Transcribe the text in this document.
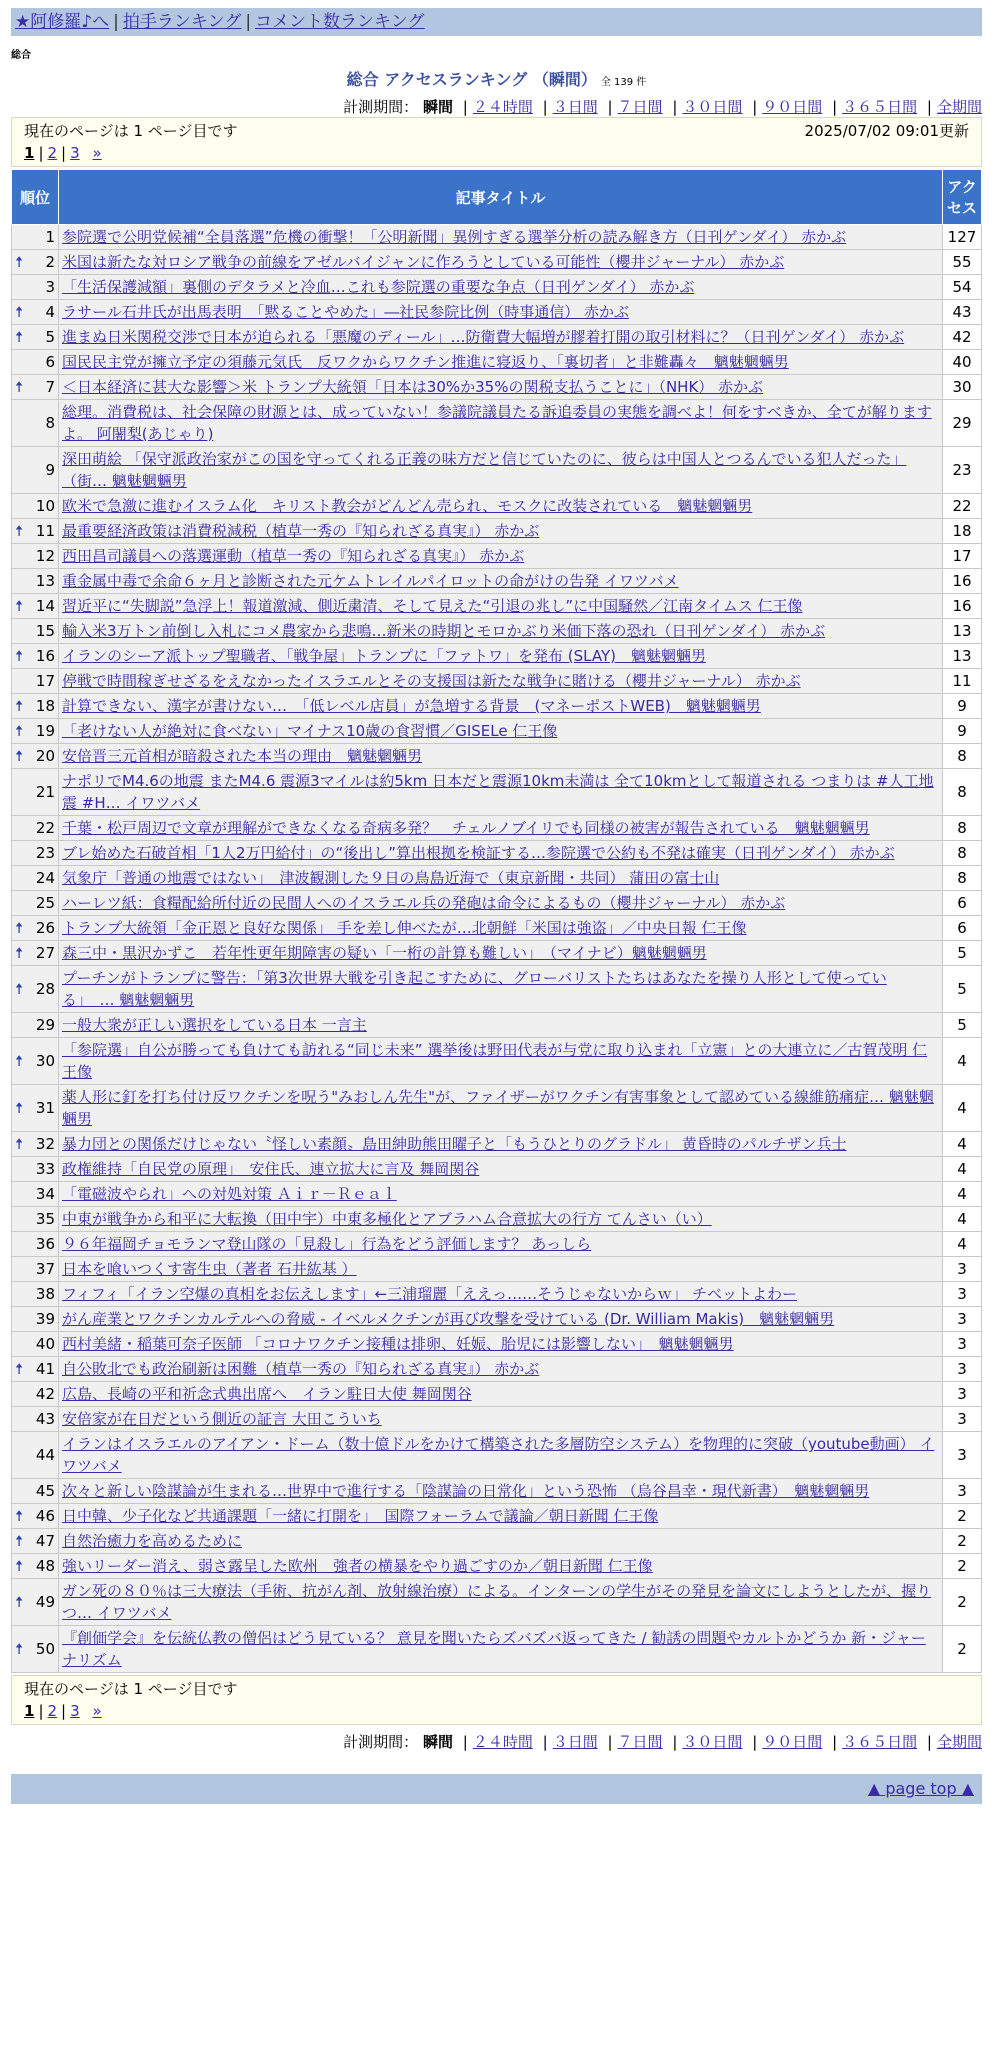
★阿修羅♪へ | 拍手ランキング | コメント数ランキング
総合
総合 アクセスランキング （瞬間） 全 139 件
計測期間： 瞬間 | ２４時間 | ３日間 | ７日間 | ３０日間 | ９０日間 | ３６５日間 | 全期間
現在のページは 1 ページ目です	2025/07/02 09:01更新
1 | 2 | 3 »
順位	記事タイトル	アクセス
1	参院選で公明党候補“全員落選”危機の衝撃！「公明新聞」異例すぎる選挙分析の読み解き方（日刊ゲンダイ） 赤かぶ	127

🠅 2	米国は新たな対ロシア戦争の前線をアゼルバイジャンに作ろうとしている可能性（櫻井ジャーナル） 赤かぶ	55
3	「生活保護減額」裏側のデタラメと冷血…これも参院選の重要な争点（日刊ゲンダイ） 赤かぶ	54

🠅 4	ラサール石井氏が出馬表明　「黙ることやめた」―社民参院比例（時事通信） 赤かぶ	43

🠅 5	進まぬ日米関税交渉で日本が迫られる「悪魔のディール」…防衛費大幅増が膠着打開の取引材料に？（日刊ゲンダイ） 赤かぶ	42
6	国民民主党が擁立予定の須藤元気氏　反ワクからワクチン推進に寝返り、「裏切者」と非難轟々　魑魅魍魎男	40

🠅 7	＜日本経済に甚大な影響＞米 トランプ大統領「日本は30%か35%の関税支払うことに」（NHK） 赤かぶ	30
8	総理。消費税は、社会保障の財源とは、成っていない！参議院議員たる訴追委員の実態を調べよ！何をすべきか、全てが解りますよ。 阿闍梨(あじゃり)	29
9	深田萌絵 「保守派政治家がこの国を守ってくれる正義の味方だと信じていたのに、彼らは中国人とつるんでいる犯人だった」（街… 魑魅魍魎男	23
10	欧米で急激に進むイスラム化　キリスト教会がどんどん売られ、モスクに改装されている　魑魅魍魎男	22

🠅 11	最重要経済政策は消費税減税（植草一秀の『知られざる真実』） 赤かぶ	18
12	西田昌司議員への落選運動（植草一秀の『知られざる真実』） 赤かぶ	17
13	重金属中毒で余命６ヶ月と診断された元ケムトレイルパイロットの命がけの告発 イワツバメ	16

🠅 14	習近平に“失脚説”急浮上！報道激減、側近粛清、そして見えた“引退の兆し”に中国騒然／江南タイムス 仁王像	16
15	輸入米3万トン前倒し入札にコメ農家から悲鳴…新米の時期とモロかぶり米価下落の恐れ（日刊ゲンダイ） 赤かぶ	13

🠅 16	イランのシーア派トップ聖職者、「戦争屋」トランプに「ファトワ」を発布 (SLAY)　魑魅魍魎男	13
17	停戦で時間稼ぎせざるをえなかったイスラエルとその支援国は新たな戦争に賭ける（櫻井ジャーナル） 赤かぶ	11

🠅 18	計算できない、漢字が書けない…　「低レベル店員」が急増する背景　(マネーポストWEB)　魑魅魍魎男	9

🠅 19	「老けない人が絶対に食べない」マイナス10歳の食習慣／GISELe 仁王像	9

🠅 20	安倍晋三元首相が暗殺された本当の理由　魑魅魍魎男	8
21	ナポリでM4.6の地震 またM4.6 震源3マイルは約5km 日本だと震源10km未満は 全て10kmとして報道される つまりは #人工地震 #H… イワツバメ	8
22	千葉・松戸周辺で文章が理解ができなくなる奇病多発？　チェルノブイリでも同様の被害が報告されている　魑魅魍魎男	8
23	ブレ始めた石破首相「1人2万円給付」の“後出し”算出根拠を検証する…参院選で公約も不発は確実（日刊ゲンダイ） 赤かぶ	8
24	気象庁「普通の地震ではない」　津波観測した９日の鳥島近海で（東京新聞・共同） 蒲田の富士山	8
25	ハーレツ紙：食糧配給所付近の民間人へのイスラエル兵の発砲は命令によるもの（櫻井ジャーナル） 赤かぶ	6

🠅 26	トランプ大統領「金正恩と良好な関係」 手を差し伸べたが…北朝鮮「米国は強盗」／中央日報 仁王像	6

🠅 27	森三中・黒沢かずこ　若年性更年期障害の疑い「一桁の計算も難しい」　（マイナビ）魑魅魍魎男	5

🠅 28	プーチンがトランプに警告：「第3次世界大戦を引き起こすために、グローバリストたちはあなたを操り人形として使っている」　… 魑魅魍魎男	5
29	一般大衆が正しい選択をしている日本 一言主	5

🠅 30	「参院選」自公が勝っても負けても訪れる“同じ未来” 選挙後は野田代表が与党に取り込まれ「立憲」との大連立に／古賀茂明 仁王像	4

🠅 31	薬人形に釘を打ち付け反ワクチンを呪う"みおしん先生"が、ファイザーがワクチン有害事象として認めている線維筋痛症… 魑魅魍魎男	4

🠅 32	暴力団との関係だけじゃない〝怪しい素顔〟島田紳助熊田曜子と「もうひとりのグラドル」 黄昏時のパルチザン兵士	4
33	政権維持「自民党の原理」　安住氏、連立拡大に言及 舞岡関谷	4
34	「電磁波やられ」への対処対策 Ａｉｒ－Ｒｅａｌ	4
35	中東が戦争から和平に大転換（田中宇）中東多極化とアブラハム合意拡大の行方 てんさい（い）	4
36	９６年福岡チョモランマ登山隊の「見殺し」行為をどう評価します？ あっしら	4
37	日本を喰いつくす寄生虫（著者 石井紘基 ）	3
38	フィフィ「イラン空爆の真相をお伝えします」←三浦瑠麗「ええっ……そうじゃないからｗ」 チベットよわー	3
39	がん産業とワクチンカルテルへの脅威 - イベルメクチンが再び攻撃を受けている (Dr. William Makis)　魑魅魍魎男	3
40	西村美緒・稲葉可奈子医師 「コロナワクチン接種は排卵、妊娠、胎児には影響しない」　魑魅魍魎男	3

🠅 41	自公敗北でも政治刷新は困難（植草一秀の『知られざる真実』） 赤かぶ	3
42	広島、長崎の平和祈念式典出席へ　イラン駐日大使 舞岡関谷	3
43	安倍家が在日だという側近の証言 大田こういち	3
44	イランはイスラエルのアイアン・ドーム（数十億ドルをかけて構築された多層防空システム）を物理的に突破（youtube動画） イワツバメ	3
45	次々と新しい陰謀論が生まれる…世界中で進行する「陰謀論の日常化」という恐怖 （烏谷昌幸・現代新書）　魑魅魍魎男	3

🠅 46	日中韓、少子化など共通課題「一緒に打開を」　国際フォーラムで議論／朝日新聞 仁王像	2

🠅 47	自然治癒力を高めるために	2

🠅 48	強いリーダー消え、弱さ露呈した欧州　強者の横暴をやり過ごすのか／朝日新聞 仁王像	2

🠅 49	ガン死の８０％は三大療法（手術、抗がん剤、放射線治療）による。インターンの学生がその発見を論文にしようとしたが、握りつ… イワツバメ	2

🠅 50	『創価学会』を伝統仏教の僧侶はどう見ている？ 意見を聞いたらズバズバ返ってきた / 勧誘の問題やカルトかどうか 新・ジャーナリズム	2
現在のページは 1 ページ目です
1 | 2 | 3 »
計測期間： 瞬間 | ２４時間 | ３日間 | ７日間 | ３０日間 | ９０日間 | ３６５日間 | 全期間
▲ page top ▲
